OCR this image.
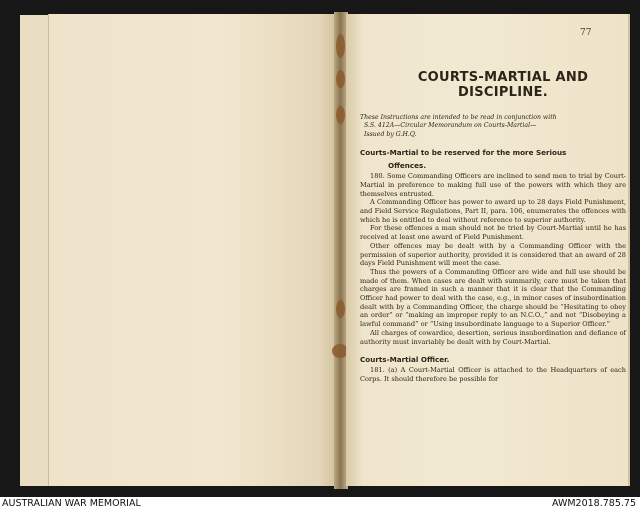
77
COURTS-MARTIAL AND
DISCIPLINE.
These Instructions are intended to be read in conjunction with
S.S. 412A—Circular Memorandum on Courts-Martial—
Issued by G.H.Q.
Courts-Martial to be reserved for the more Serious
Offences.

180. Some Commanding Officers are inclined to send men to trial by Court-Martial in preference to making full use of the powers with which they are themselves entrusted.

A Commanding Officer has power to award up to 28 days Field Punishment, and Field Service Regulations, Part II, para. 106, enumerates the offences with which he is entitled to deal without reference to superior authority.

For these offences a man should not be tried by Court-Martial until he has received at least one award of Field Punishment.

Other offences may be dealt with by a Commanding Officer with the permission of superior authority, provided it is considered that an award of 28 days Field Punishment will meet the case.

Thus the powers of a Commanding Officer are wide and full use should be made of them. When cases are dealt with summarily, care must be taken that charges are framed in such a manner that it is clear that the Commanding Officer had power to deal with the case, e.g., in minor cases of insubordination dealt with by a Commanding Officer, the charge should be “Hesitating to obey an order” or “making an improper reply to an N.C.O.,” and not “Disobeying a lawful command” or “Using insubordinate language to a Superior Officer.”

All charges of cowardice, desertion, serious insubordination and defiance of authority must invariably be dealt with by Court-Martial.

Courts-Martial Officer.

181. (a) A Court-Martial Officer is attached to the Headquarters of each Corps. It should therefore be possible for

AUSTRALIAN WAR MEMORIAL	AWM2018.785.75
